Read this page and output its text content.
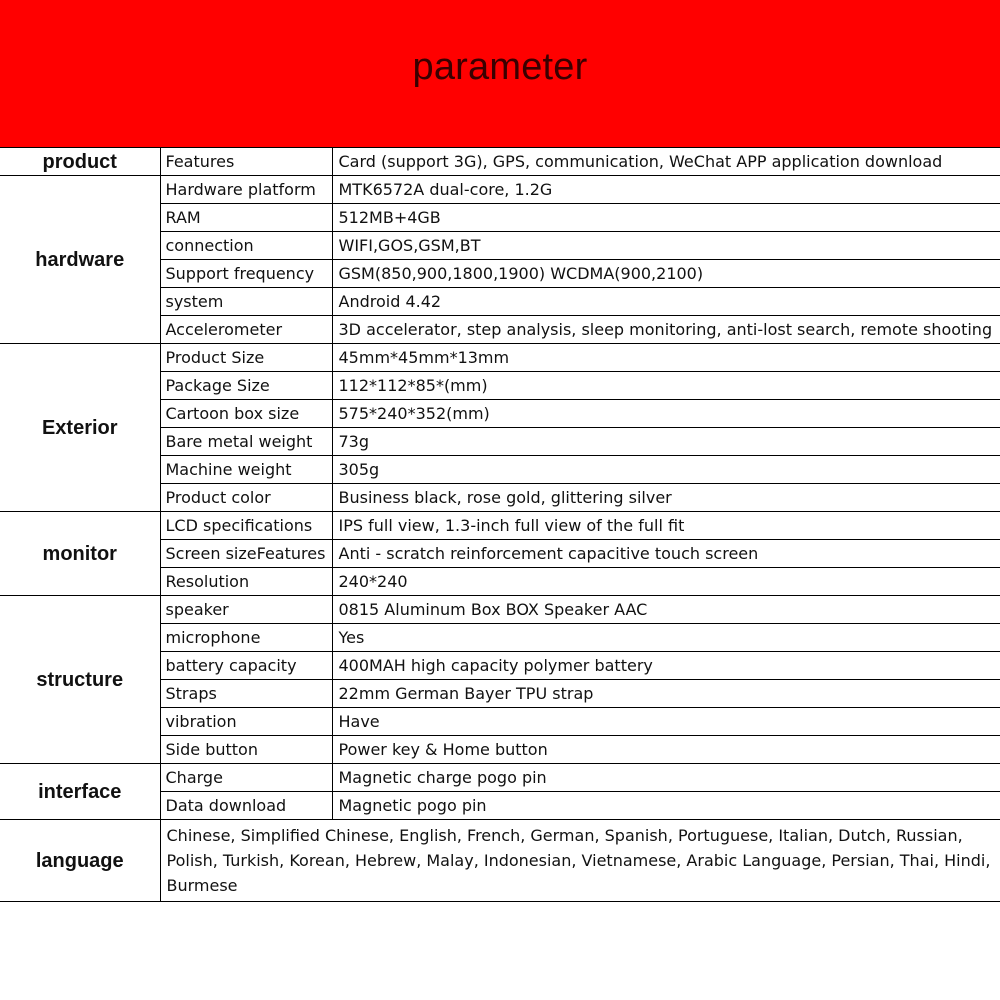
parameter
product	Features	Card (support 3G), GPS, communication, WeChat APP application download
hardware	Hardware platform	MTK6572A dual-core, 1.2G
	RAM	512MB+4GB
	connection	WIFI,GOS,GSM,BT
	Support frequency	GSM(850,900,1800,1900) WCDMA(900,2100)
	system	Android 4.42
	Accelerometer	3D accelerator, step analysis, sleep monitoring, anti-lost search, remote shooting
Exterior	Product Size	45mm*45mm*13mm
	Package Size	112*112*85*(mm)
	Cartoon box size	575*240*352(mm)
	Bare metal weight	73g
	Machine weight	305g
	Product color	Business black, rose gold, glittering silver
monitor	LCD specifications	IPS full view, 1.3-inch full view of the full fit
	Screen sizeFeatures	Anti - scratch reinforcement capacitive touch screen
	Resolution	240*240
structure	speaker	0815 Aluminum Box BOX Speaker AAC
	microphone	Yes
	battery capacity	400MAH high capacity polymer battery
	Straps	22mm German Bayer TPU strap
	vibration	Have
	Side button	Power key & Home button
interface	Charge	Magnetic charge pogo pin
	Data download	Magnetic pogo pin
language	Chinese, Simplified Chinese, English, French, German, Spanish, Portuguese, Italian, Dutch, Russian, Polish, Turkish, Korean, Hebrew, Malay, Indonesian, Vietnamese, Arabic Language, Persian, Thai, Hindi, Burmese	
